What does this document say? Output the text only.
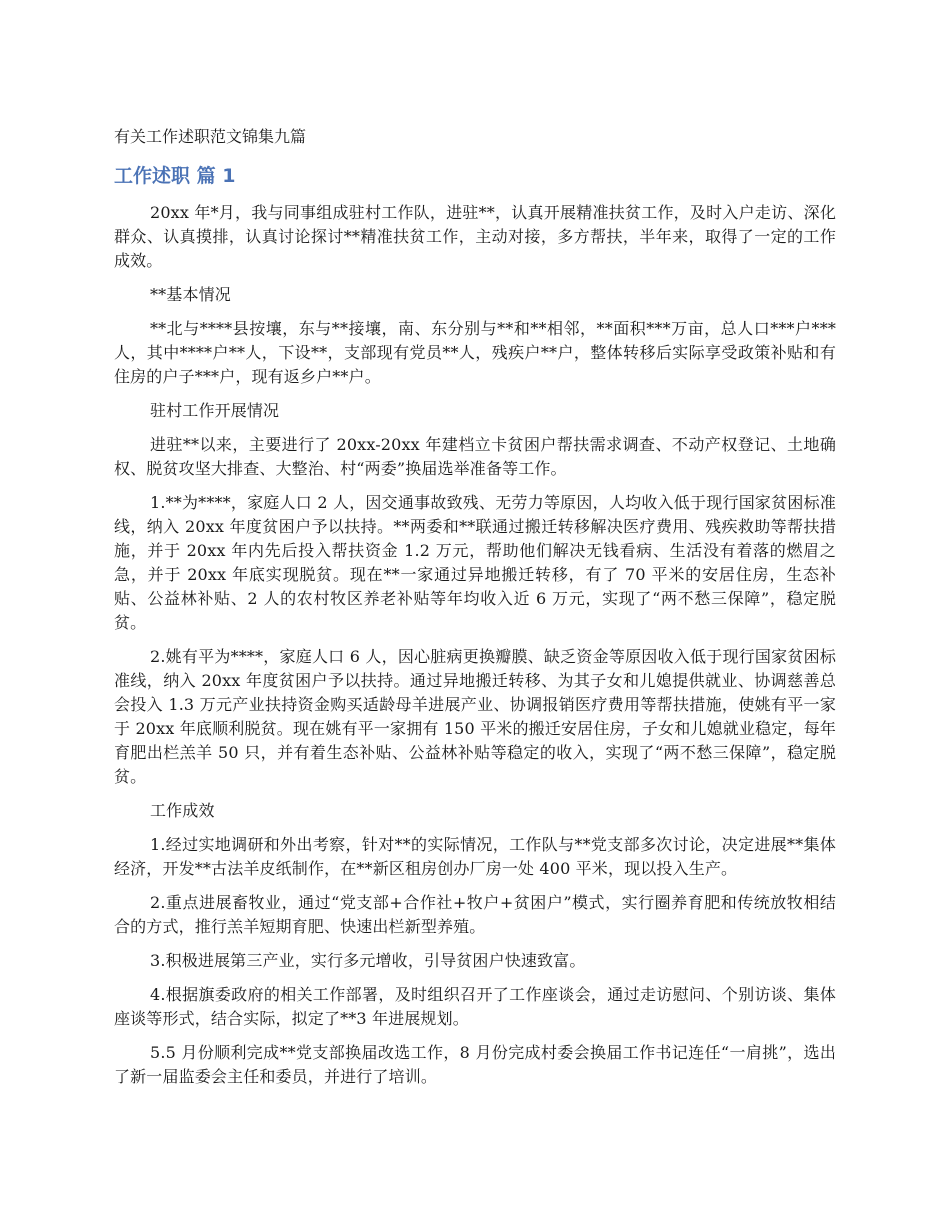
有关工作述职范文锦集九篇
工作述职 篇 1

20xx 年*月，我与同事组成驻村工作队，进驻**，认真开展精准扶贫工作，及时入户走访、深化群众、认真摸排，认真讨论探讨**精准扶贫工作，主动对接，多方帮扶，半年来，取得了一定的工作成效。

**基本情况

**北与****县按壤，东与**接壤，南、东分别与**和**相邻，**面积***万亩，总人口***户***人，其中****户**人，下设**，支部现有党员**人，残疾户**户，整体转移后实际享受政策补贴和有住房的户子***户，现有返乡户**户。

驻村工作开展情况

进驻**以来，主要进行了 20xx-20xx 年建档立卡贫困户帮扶需求调查、不动产权登记、土地确权、脱贫攻坚大排查、大整治、村“两委”换届选举准备等工作。

1.**为****，家庭人口 2 人，因交通事故致残、无劳力等原因，人均收入低于现行国家贫困标准线，纳入 20xx 年度贫困户予以扶持。**两委和**联通过搬迁转移解决医疗费用、残疾救助等帮扶措施，并于 20xx 年内先后投入帮扶资金 1.2 万元，帮助他们解决无钱看病、生活没有着落的燃眉之急，并于 20xx 年底实现脱贫。现在**一家通过异地搬迁转移，有了 70 平米的安居住房，生态补贴、公益林补贴、2 人的农村牧区养老补贴等年均收入近 6 万元，实现了“两不愁三保障”，稳定脱贫。

2.姚有平为****，家庭人口 6 人，因心脏病更换瓣膜、缺乏资金等原因收入低于现行国家贫困标准线，纳入 20xx 年度贫困户予以扶持。通过异地搬迁转移、为其子女和儿媳提供就业、协调慈善总会投入 1.3 万元产业扶持资金购买适龄母羊进展产业、协调报销医疗费用等帮扶措施，使姚有平一家于 20xx 年底顺利脱贫。现在姚有平一家拥有 150 平米的搬迁安居住房，子女和儿媳就业稳定，每年育肥出栏羔羊 50 只，并有着生态补贴、公益林补贴等稳定的收入，实现了“两不愁三保障”，稳定脱贫。

工作成效

1.经过实地调研和外出考察，针对**的实际情况，工作队与**党支部多次讨论，决定进展**集体经济，开发**古法羊皮纸制作，在**新区租房创办厂房一处 400 平米，现以投入生产。

2.重点进展畜牧业，通过“党支部+合作社+牧户+贫困户”模式，实行圈养育肥和传统放牧相结合的方式，推行羔羊短期育肥、快速出栏新型养殖。

3.积极进展第三产业，实行多元增收，引导贫困户快速致富。

4.根据旗委政府的相关工作部署，及时组织召开了工作座谈会，通过走访慰问、个别访谈、集体座谈等形式，结合实际，拟定了**3 年进展规划。

5.5 月份顺利完成**党支部换届改选工作，8 月份完成村委会换届工作书记连任“一肩挑”，选出了新一届监委会主任和委员，并进行了培训。
